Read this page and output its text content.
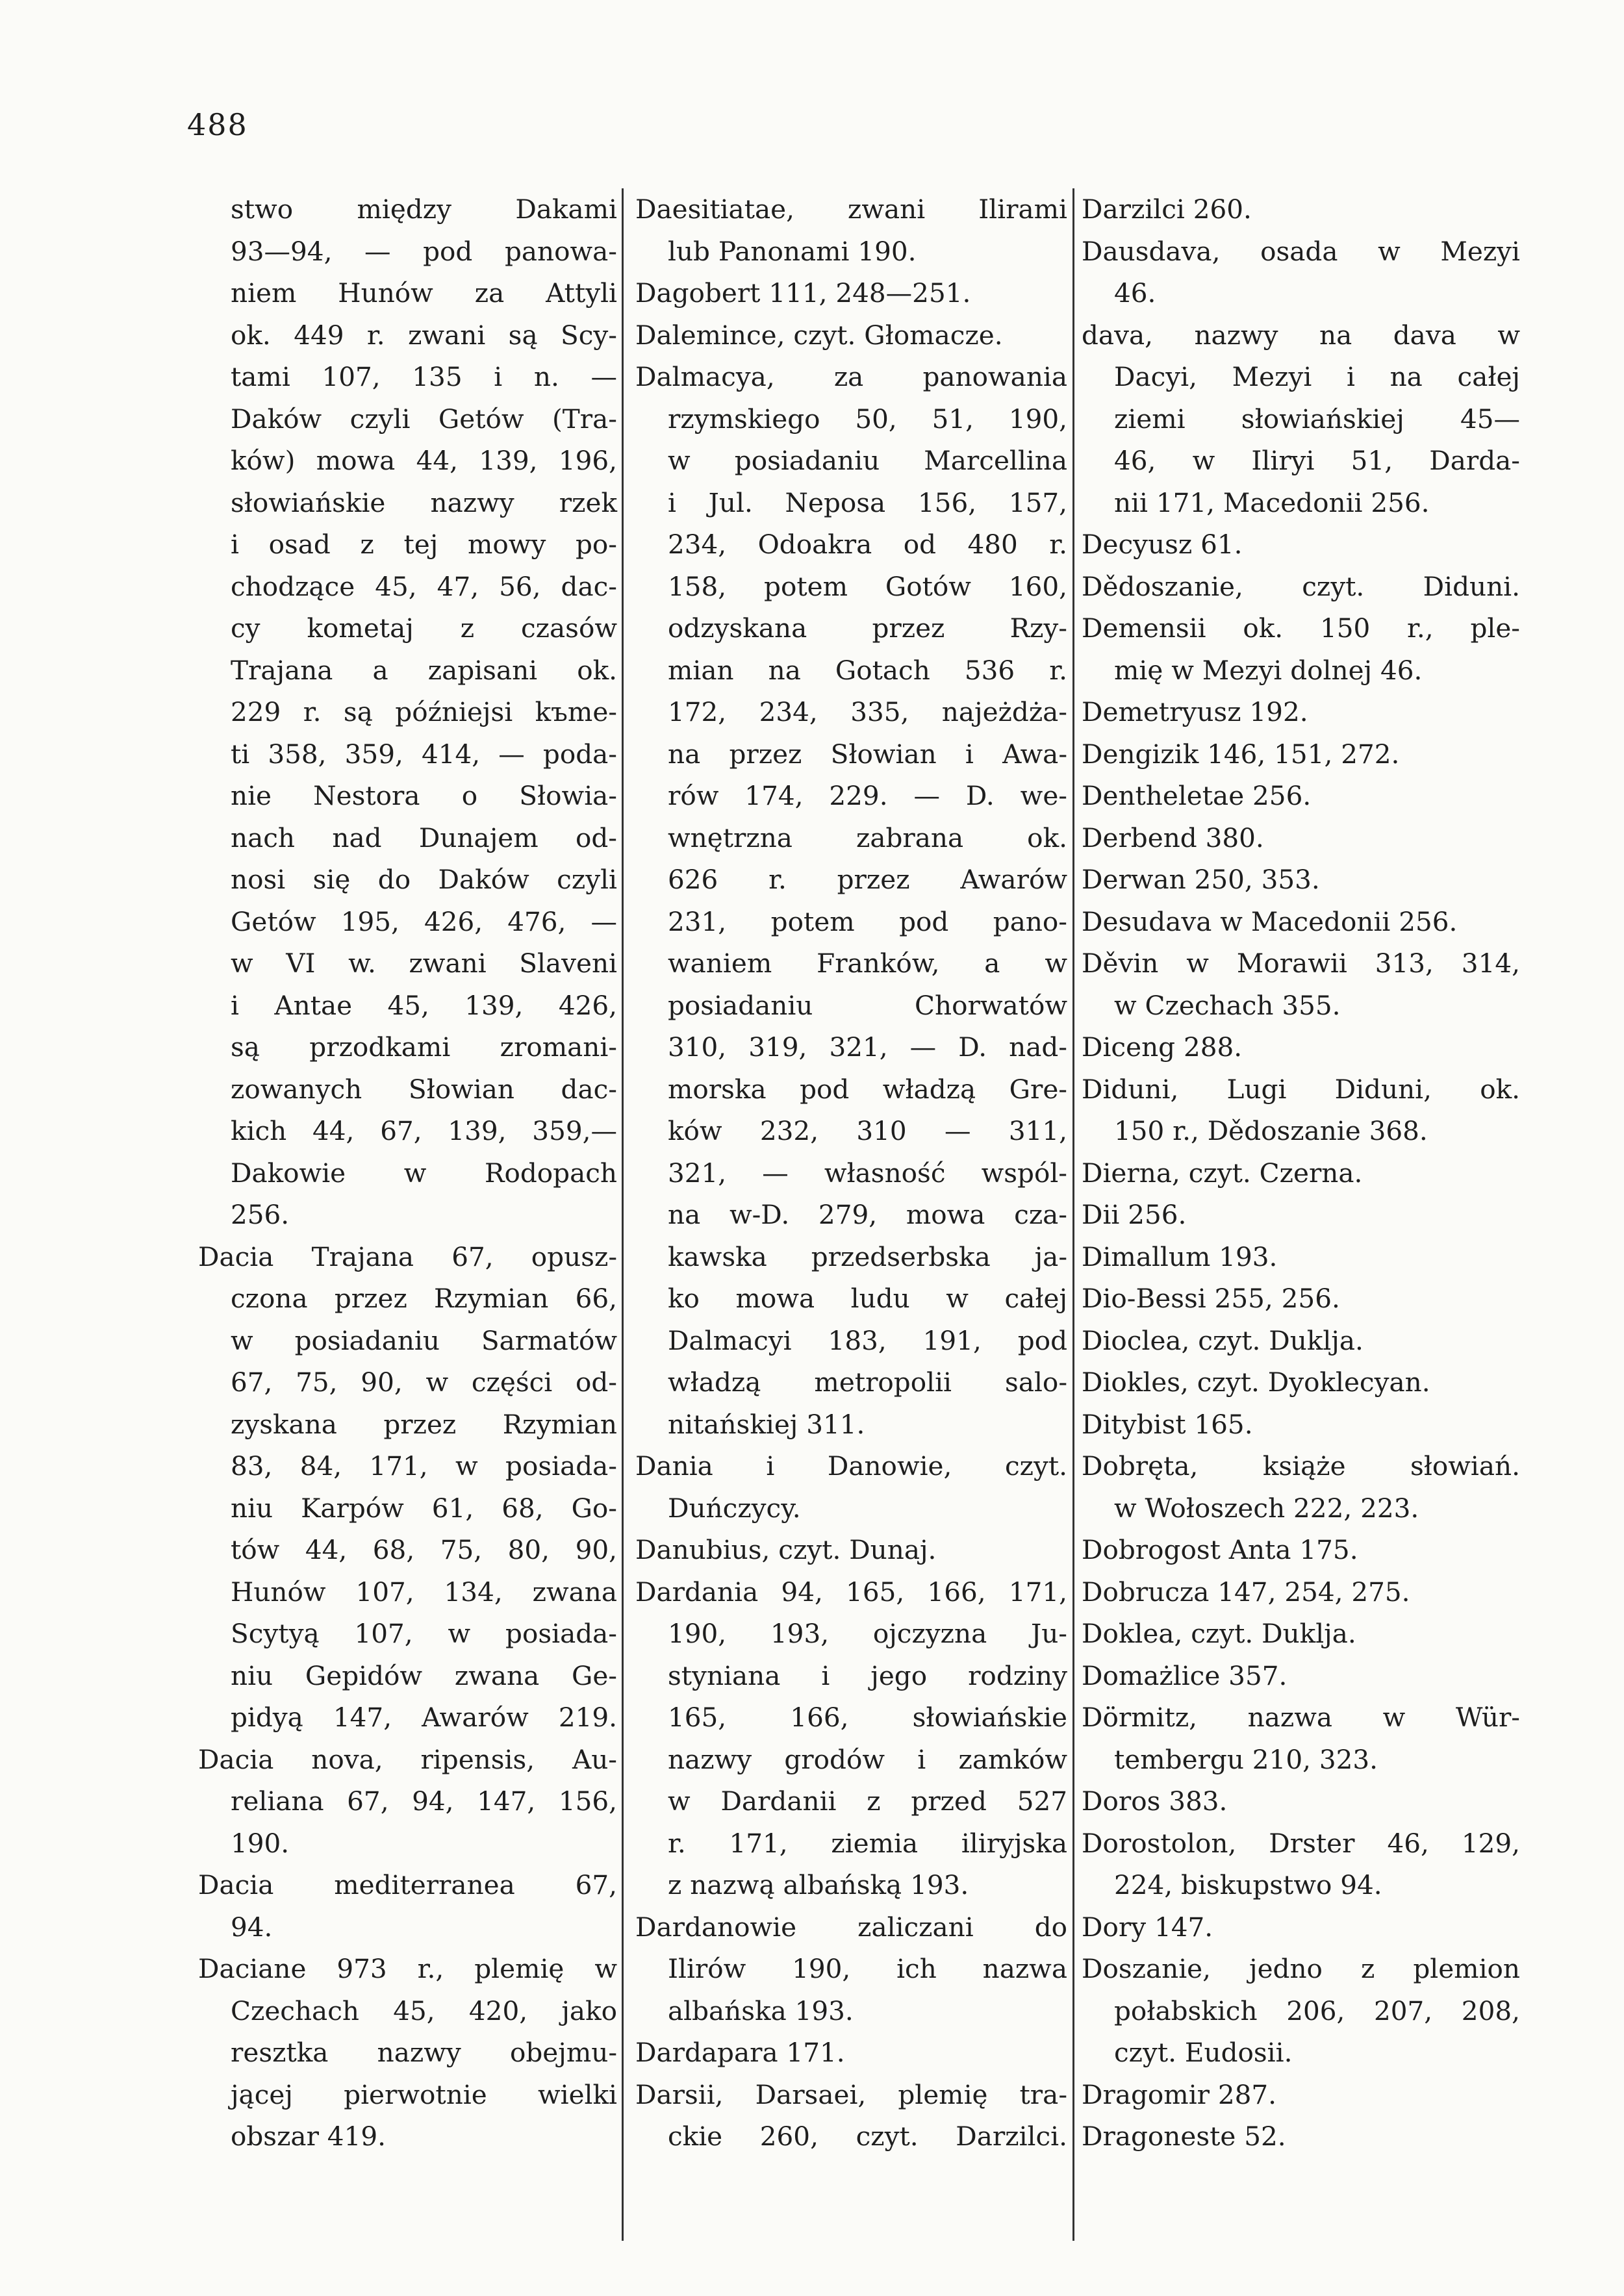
488
stwo między Dakami
93—94, — pod panowa-
niem Hunów za Attyli
ok. 449 r. zwani są Scy-
tami 107, 135 i n. —
Daków czyli Getów (Tra-
ków) mowa 44, 139, 196,
słowiańskie nazwy rzek
i osad z tej mowy po-
chodzące 45, 47, 56, dac-
cy kometaj z czasów
Trajana a zapisani ok.
229 r. są późniejsi kъme-
ti 358, 359, 414, — poda-
nie Nestora o Słowia-
nach nad Dunajem od-
nosi się do Daków czyli
Getów 195, 426, 476, —
w VI w. zwani Slaveni
i Antae 45, 139, 426,
są przodkami zromani-
zowanych Słowian dac-
kich 44, 67, 139, 359,—
Dakowie w Rodopach
256.
Dacia Trajana 67, opusz-
czona przez Rzymian 66,
w posiadaniu Sarmatów
67, 75, 90, w części od-
zyskana przez Rzymian
83, 84, 171, w posiada-
niu Karpów 61, 68, Go-
tów 44, 68, 75, 80, 90,
Hunów 107, 134, zwana
Scytyą 107, w posiada-
niu Gepidów zwana Ge-
pidyą 147, Awarów 219.
Dacia nova, ripensis, Au-
reliana 67, 94, 147, 156,
190.
Dacia mediterranea 67,
94.
Daciane 973 r., plemię w
Czechach 45, 420, jako
resztka nazwy obejmu-
jącej pierwotnie wielki
obszar 419.
Daesitiatae, zwani Ilirami
lub Panonami 190.
Dagobert 111, 248—251.
Dalemince, czyt. Głomacze.
Dalmacya, za panowania
rzymskiego 50, 51, 190,
w posiadaniu Marcellina
i Jul. Neposa 156, 157,
234, Odoakra od 480 r.
158, potem Gotów 160,
odzyskana przez Rzy-
mian na Gotach 536 r.
172, 234, 335, najeżdża-
na przez Słowian i Awa-
rów 174, 229. — D. we-
wnętrzna zabrana ok.
626 r. przez Awarów
231, potem pod pano-
waniem Franków, a w
posiadaniu Chorwatów
310, 319, 321, — D. nad-
morska pod władzą Gre-
ków 232, 310 — 311,
321, — własność wspól-
na w-D. 279, mowa cza-
kawska przedserbska ja-
ko mowa ludu w całej
Dalmacyi 183, 191, pod
władzą metropolii salo-
nitańskiej 311.
Dania i Danowie, czyt.
Duńczycy.
Danubius, czyt. Dunaj.
Dardania 94, 165, 166, 171,
190, 193, ojczyzna Ju-
styniana i jego rodziny
165, 166, słowiańskie
nazwy grodów i zamków
w Dardanii z przed 527
r. 171, ziemia iliryjska
z nazwą albańską 193.
Dardanowie zaliczani do
Ilirów 190, ich nazwa
albańska 193.
Dardapara 171.
Darsii, Darsaei, plemię tra-
ckie 260, czyt. Darzilci.
Darzilci 260.
Dausdava, osada w Mezyi
46.
dava, nazwy na dava w
Dacyi, Mezyi i na całej
ziemi słowiańskiej 45—
46, w Iliryi 51, Darda-
nii 171, Macedonii 256.
Decyusz 61.
Dědoszanie, czyt. Diduni.
Demensii ok. 150 r., ple-
mię w Mezyi dolnej 46.
Demetryusz 192.
Dengizik 146, 151, 272.
Dentheletae 256.
Derbend 380.
Derwan 250, 353.
Desudava w Macedonii 256.
Děvin w Morawii 313, 314,
w Czechach 355.
Diceng 288.
Diduni, Lugi Diduni, ok.
150 r., Dědoszanie 368.
Dierna, czyt. Czerna.
Dii 256.
Dimallum 193.
Dio-Bessi 255, 256.
Dioclea, czyt. Duklja.
Diokles, czyt. Dyoklecyan.
Ditybist 165.
Dobręta, książe słowiań.
w Wołoszech 222, 223.
Dobrogost Anta 175.
Dobrucza 147, 254, 275.
Doklea, czyt. Duklja.
Domażlice 357.
Dörmitz, nazwa w Wür-
tembergu 210, 323.
Doros 383.
Dorostolon, Drster 46, 129,
224, biskupstwo 94.
Dory 147.
Doszanie, jedno z plemion
połabskich 206, 207, 208,
czyt. Eudosii.
Dragomir 287.
Dragoneste 52.
